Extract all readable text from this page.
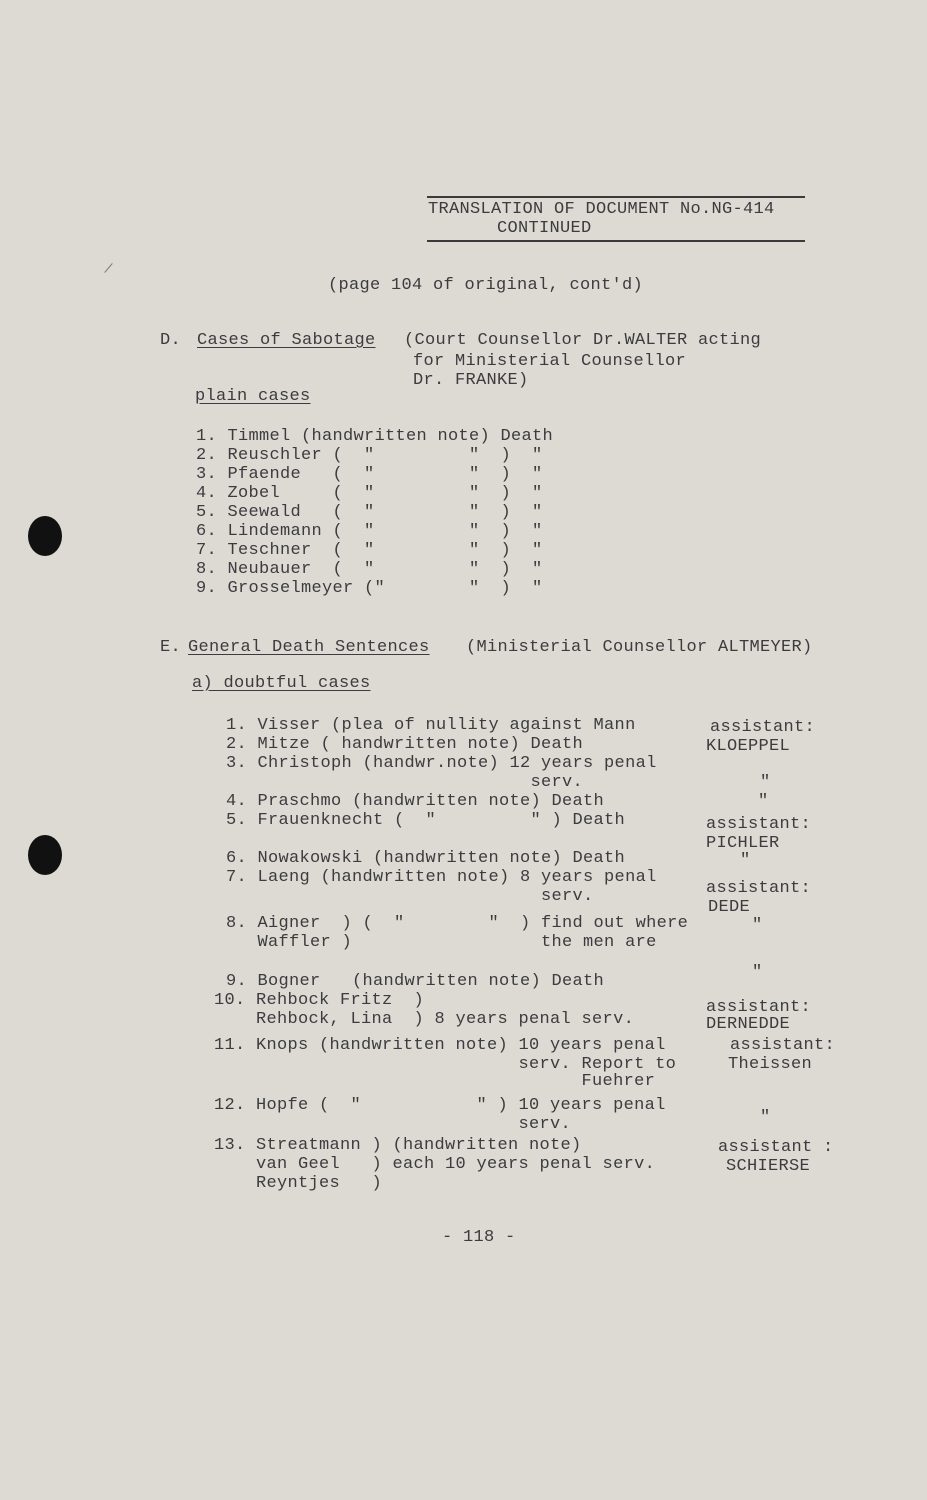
TRANSLATION OF DOCUMENT No.NG-414
CONTINUED
(page 104 of original, cont'd)
D. Cases of Sabotage (Court Counsellor Dr.WALTER acting
for Ministerial Counsellor
Dr. FRANKE)
plain cases
1. Timmel (handwritten note) Death
2. Reuschler (  "         "  )  "
3. Pfaende   (  "         "  )  "
4. Zobel     (  "         "  )  "
5. Seewald   (  "         "  )  "
6. Lindemann (  "         "  )  "
7. Teschner  (  "         "  )  "
8. Neubauer  (  "         "  )  "
9. Grosselmeyer ("        "  )  "
E. General Death Sentences (Ministerial Counsellor ALTMEYER)
a) doubtful cases
1. Visser (plea of nullity against Mann
2. Mitze ( handwritten note) Death
3. Christoph (handwr.note) 12 years penal
serv.
4. Praschmo (handwritten note) Death
5. Frauenknecht (  "         " ) Death
6. Nowakowski (handwritten note) Death
7. Laeng (handwritten note) 8 years penal
serv.
8. Aigner  ) (  "        "  ) find out where
Waffler )                  the men are
9. Bogner   (handwritten note) Death
10. Rehbock Fritz  )
Rehbock, Lina  ) 8 years penal serv.
11. Knops (handwritten note) 10 years penal
serv. Report to
Fuehrer
12. Hopfe (  "           " ) 10 years penal
serv.
13. Streatmann ) (handwritten note)
van Geel   ) each 10 years penal serv.
Reyntjes   )
assistant:
KLOEPPEL
"
"
assistant:
PICHLER
"
assistant:
DEDE
"
"
assistant:
DERNEDDE
assistant:
Theissen
"
assistant :
SCHIERSE
- 118 -
